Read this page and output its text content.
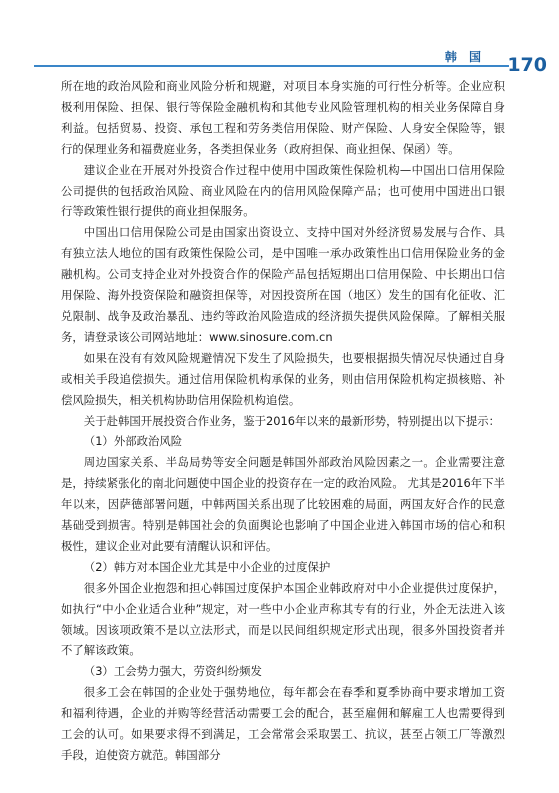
韩 国 170

所在地的政治风险和商业风险分析和规避，对项目本身实施的可行性分析等。企业应积极利用保险、担保、银行等保险金融机构和其他专业风险管理机构的相关业务保障自身利益。包括贸易、投资、承包工程和劳务类信用保险、财产保险、人身安全保险等，银行的保理业务和福费庭业务，各类担保业务（政府担保、商业担保、保函）等。

建议企业在开展对外投资合作过程中使用中国政策性保险机构—中国出口信用保险公司提供的包括政治风险、商业风险在内的信用风险保障产品；也可使用中国进出口银行等政策性银行提供的商业担保服务。

中国出口信用保险公司是由国家出资设立、支持中国对外经济贸易发展与合作、具有独立法人地位的国有政策性保险公司，是中国唯一承办政策性出口信用保险业务的金融机构。公司支持企业对外投资合作的保险产品包括短期出口信用保险、中长期出口信用保险、海外投资保险和融资担保等，对因投资所在国（地区）发生的国有化征收、汇兑限制、战争及政治暴乱、违约等政治风险造成的经济损失提供风险保障。了解相关服务，请登录该公司网站地址：www.sinosure.com.cn

如果在没有有效风险规避情况下发生了风险损失，也要根据损失情况尽快通过自身或相关手段追偿损失。通过信用保险机构承保的业务，则由信用保险机构定损核赔、补偿风险损失，相关机构协助信用保险机构追偿。

关于赴韩国开展投资合作业务，鉴于2016年以来的最新形势，特别提出以下提示：

（1）外部政治风险

周边国家关系、半岛局势等安全问题是韩国外部政治风险因素之一。企业需要注意是，持续紧张化的南北问题使中国企业的投资存在一定的政治风险。 尤其是2016年下半年以来，因萨德部署问题，中韩两国关系出现了比较困难的局面，两国友好合作的民意基础受到损害。特别是韩国社会的负面舆论也影响了中国企业进入韩国市场的信心和积极性，建议企业对此要有清醒认识和评估。

（2）韩方对本国企业尤其是中小企业的过度保护

很多外国企业抱怨和担心韩国过度保护本国企业韩政府对中小企业提供过度保护，如执行“中小企业适合业种”规定，对一些中小企业声称其专有的行业，外企无法进入该领域。因该项政策不是以立法形式，而是以民间组织规定形式出现，很多外国投资者并不了解该政策。

（3）工会势力强大，劳资纠纷频发

很多工会在韩国的企业处于强势地位，每年都会在春季和夏季协商中要求增加工资和福利待遇，企业的并购等经营活动需要工会的配合，甚至雇佣和解雇工人也需要得到工会的认可。如果要求得不到满足，工会常常会采取罢工、抗议，甚至占领工厂等激烈手段，迫使资方就范。韩国部分
